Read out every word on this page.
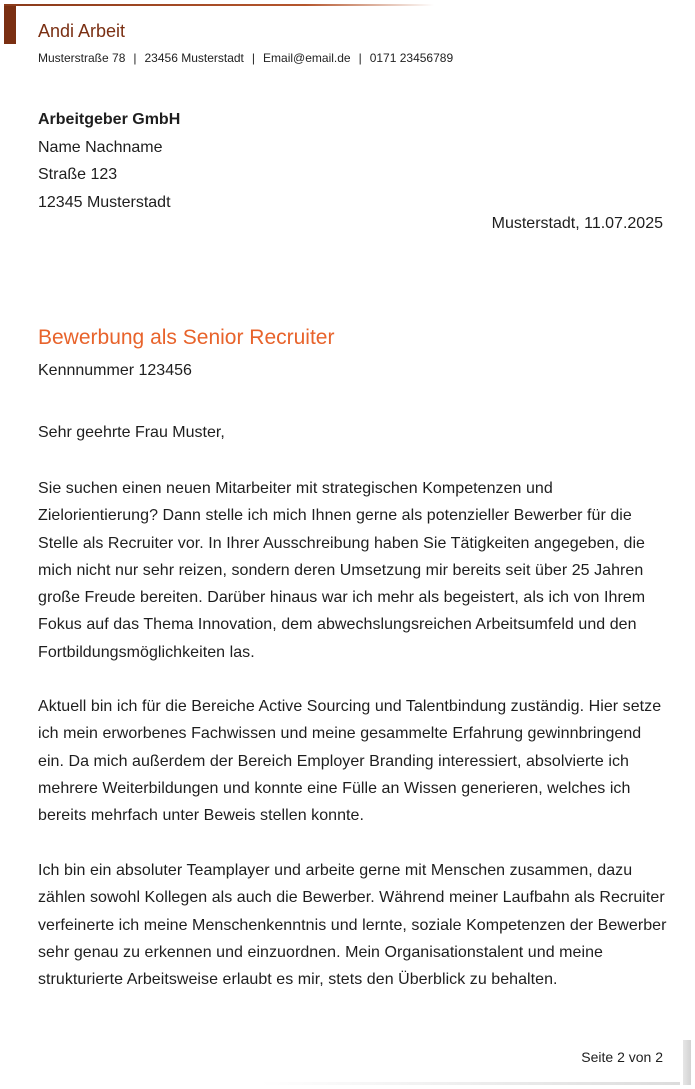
Andi Arbeit
Musterstraße 78 | 23456 Musterstadt | Email@email.de | 0171 23456789
Arbeitgeber GmbH
Name Nachname
Straße 123
12345 Musterstadt
Musterstadt, 11.07.2025
Bewerbung als Senior Recruiter
Kennnummer 123456
Sehr geehrte Frau Muster,

Sie suchen einen neuen Mitarbeiter mit strategischen Kompetenzen und Zielorientierung? Dann stelle ich mich Ihnen gerne als potenzieller Bewerber für die Stelle als Recruiter vor. In Ihrer Ausschreibung haben Sie Tätigkeiten angegeben, die mich nicht nur sehr reizen, sondern deren Umsetzung mir bereits seit über 25 Jahren große Freude bereiten. Darüber hinaus war ich mehr als begeistert, als ich von Ihrem Fokus auf das Thema Innovation, dem abwechslungsreichen Arbeitsumfeld und den Fortbildungsmöglichkeiten las.

Aktuell bin ich für die Bereiche Active Sourcing und Talentbindung zuständig. Hier setze ich mein erworbenes Fachwissen und meine gesammelte Erfahrung gewinnbringend ein. Da mich außerdem der Bereich Employer Branding interessiert, absolvierte ich mehrere Weiterbildungen und konnte eine Fülle an Wissen generieren, welches ich bereits mehrfach unter Beweis stellen konnte.

Ich bin ein absoluter Teamplayer und arbeite gerne mit Menschen zusammen, dazu zählen sowohl Kollegen als auch die Bewerber. Während meiner Laufbahn als Recruiter verfeinerte ich meine Menschenkenntnis und lernte, soziale Kompetenzen der Bewerber sehr genau zu erkennen und einzuordnen. Mein Organisationstalent und meine strukturierte Arbeitsweise erlaubt es mir, stets den Überblick zu behalten.

Seite 2 von 2
